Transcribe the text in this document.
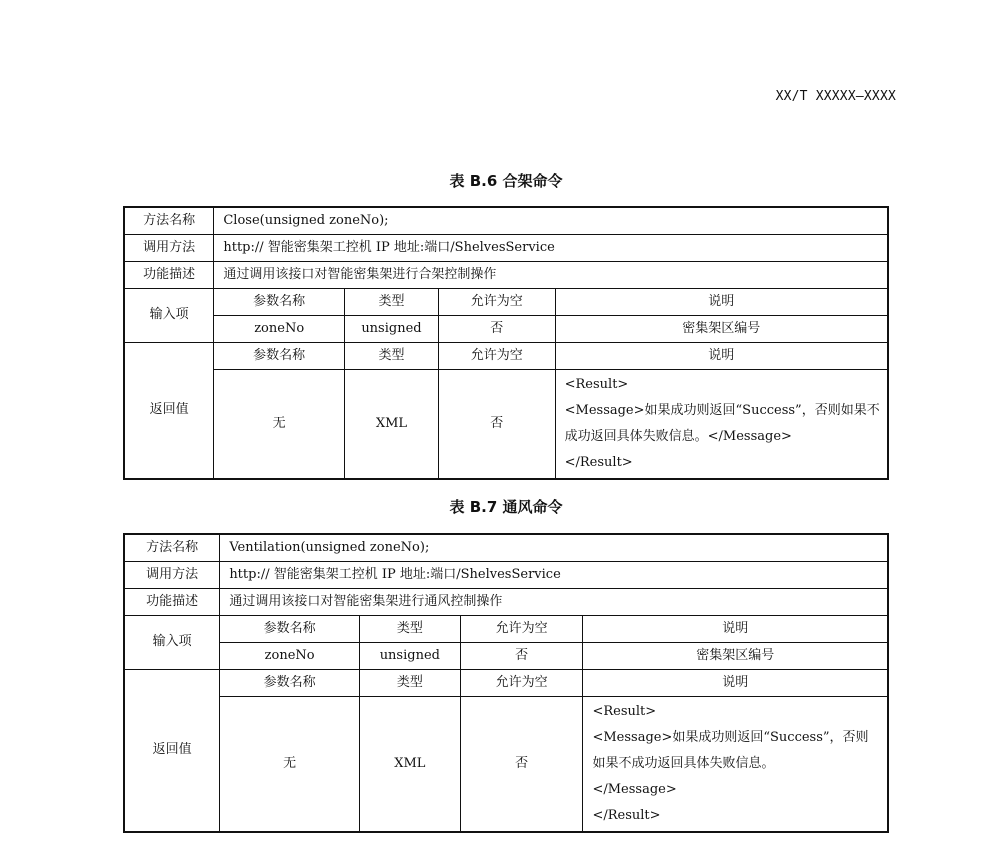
XX/T XXXXX—XXXX
表 B.6 合架命令
方法名称	Close(unsigned zoneNo);			
调用方法	http:// 智能密集架工控机 IP 地址:端口/ShelvesService			
功能描述	通过调用该接口对智能密集架进行合架控制操作			
输入项	参数名称	类型	允许为空	说明
	zoneNo	unsigned	否	密集架区编号
返回值	参数名称	类型	允许为空	说明
	无	XML	否	<Result>
<Message>如果成功则返回“Success”，否则如果不成功返回具体失败信息。</Message>
</Result>
表 B.7 通风命令
方法名称	Ventilation(unsigned zoneNo);			
调用方法	http:// 智能密集架工控机 IP 地址:端口/ShelvesService			
功能描述	通过调用该接口对智能密集架进行通风控制操作			
输入项	参数名称	类型	允许为空	说明
	zoneNo	unsigned	否	密集架区编号
返回值	参数名称	类型	允许为空	说明
	无	XML	否	<Result>
<Message>如果成功则返回“Success”，否则如果不成功返回具体失败信息。
</Message>
</Result>
